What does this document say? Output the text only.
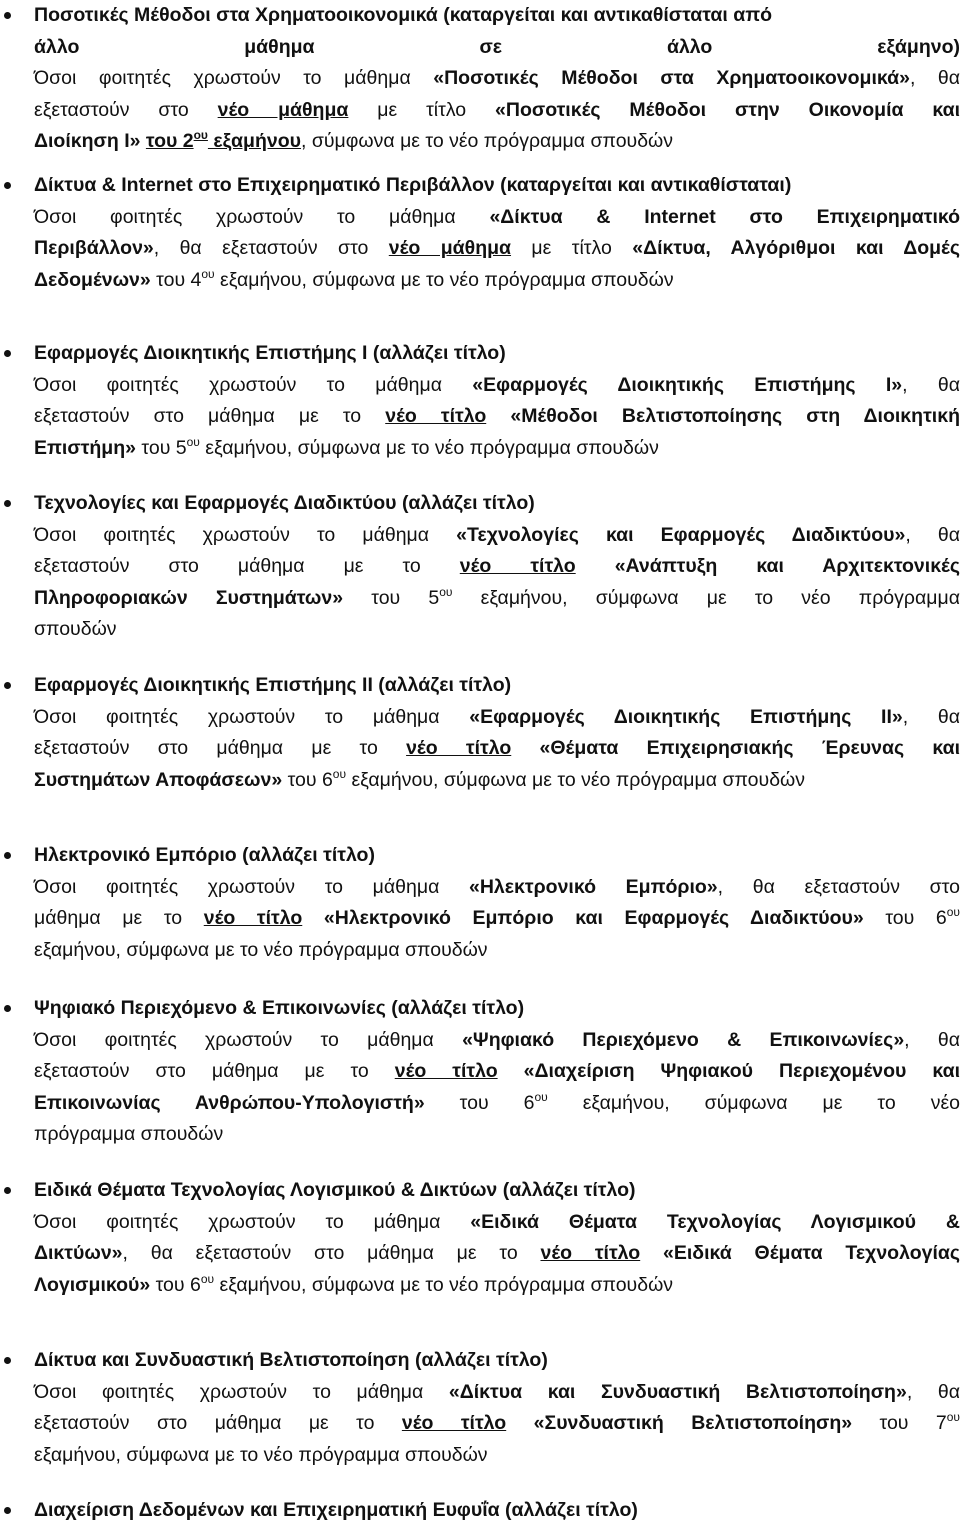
Ποσοτικές Μέθοδοι στα Χρηματοοικονομικά (καταργείται και αντικαθίσταται από
άλλο μάθημα σε άλλο εξάμηνο)
Όσοι φοιτητές χρωστούν το μάθημα «Ποσοτικές Μέθοδοι στα Χρηματοοικονομικά», θα
εξεταστούν στο νέο μάθημα με τίτλο «Ποσοτικές Μέθοδοι στην Οικονομία και
Διοίκηση Ι» του $2^{o\upsilon}$ εξαμήνου, σύμφωνα με το νέο πρόγραμμα σπουδών
Δίκτυα & Internet στο Επιχειρηματικό Περιβάλλον (καταργείται και αντικαθίσταται)
Όσοι φοιτητές χρωστούν το μάθημα «Δίκτυα & Internet στο Επιχειρηματικό
Περιβάλλον», θα εξεταστούν στο νέο μάθημα με τίτλο «Δίκτυα, Αλγόριθμοι και Δομές
Δεδομένων» του $4^{o\upsilon}$ εξαμήνου, σύμφωνα με το νέο πρόγραμμα σπουδών
Εφαρμογές Διοικητικής Επιστήμης Ι (αλλάζει τίτλο)
Όσοι φοιτητές χρωστούν το μάθημα «Εφαρμογές Διοικητικής Επιστήμης Ι», θα
εξεταστούν στο μάθημα με το νέο τίτλο «Μέθοδοι Βελτιστοποίησης στη Διοικητική
Επιστήμη» του $5^{o\upsilon}$ εξαμήνου, σύμφωνα με το νέο πρόγραμμα σπουδών
Τεχνολογίες και Εφαρμογές Διαδικτύου (αλλάζει τίτλο)
Όσοι φοιτητές χρωστούν το μάθημα «Τεχνολογίες και Εφαρμογές Διαδικτύου», θα
εξεταστούν στο μάθημα με το νέο τίτλο «Ανάπτυξη και Αρχιτεκτονικές
Πληροφοριακών Συστημάτων» του $5^{o\upsilon}$ εξαμήνου, σύμφωνα με το νέο πρόγραμμα
σπουδών
Εφαρμογές Διοικητικής Επιστήμης ΙΙ (αλλάζει τίτλο)
Όσοι φοιτητές χρωστούν το μάθημα «Εφαρμογές Διοικητικής Επιστήμης ΙΙ», θα
εξεταστούν στο μάθημα με το νέο τίτλο «Θέματα Επιχειρησιακής Έρευνας και
Συστημάτων Αποφάσεων» του $6^{o\upsilon}$ εξαμήνου, σύμφωνα με το νέο πρόγραμμα σπουδών
Ηλεκτρονικό Εμπόριο (αλλάζει τίτλο)
Όσοι φοιτητές χρωστούν το μάθημα «Ηλεκτρονικό Εμπόριο», θα εξεταστούν στο
μάθημα με το νέο τίτλο «Ηλεκτρονικό Εμπόριο και Εφαρμογές Διαδικτύου» του $6^{o\upsilon}$
εξαμήνου, σύμφωνα με το νέο πρόγραμμα σπουδών
Ψηφιακό Περιεχόμενο & Επικοινωνίες (αλλάζει τίτλο)
Όσοι φοιτητές χρωστούν το μάθημα «Ψηφιακό Περιεχόμενο & Επικοινωνίες», θα
εξεταστούν στο μάθημα με το νέο τίτλο «Διαχείριση Ψηφιακού Περιεχομένου και
Επικοινωνίας Ανθρώπου-Υπολογιστή» του $6^{o\upsilon}$ εξαμήνου, σύμφωνα με το νέο
πρόγραμμα σπουδών
Ειδικά Θέματα Τεχνολογίας Λογισμικού & Δικτύων (αλλάζει τίτλο)
Όσοι φοιτητές χρωστούν το μάθημα «Ειδικά Θέματα Τεχνολογίας Λογισμικού &
Δικτύων», θα εξεταστούν στο μάθημα με το νέο τίτλο «Ειδικά Θέματα Τεχνολογίας
Λογισμικού» του $6^{o\upsilon}$ εξαμήνου, σύμφωνα με το νέο πρόγραμμα σπουδών
Δίκτυα και Συνδυαστική Βελτιστοποίηση (αλλάζει τίτλο)
Όσοι φοιτητές χρωστούν το μάθημα «Δίκτυα και Συνδυαστική Βελτιστοποίηση», θα
εξεταστούν στο μάθημα με το νέο τίτλο «Συνδυαστική Βελτιστοποίηση» του $7^{o\upsilon}$
εξαμήνου, σύμφωνα με το νέο πρόγραμμα σπουδών
Διαχείριση Δεδομένων και Επιχειρηματική Ευφυΐα (αλλάζει τίτλο)
